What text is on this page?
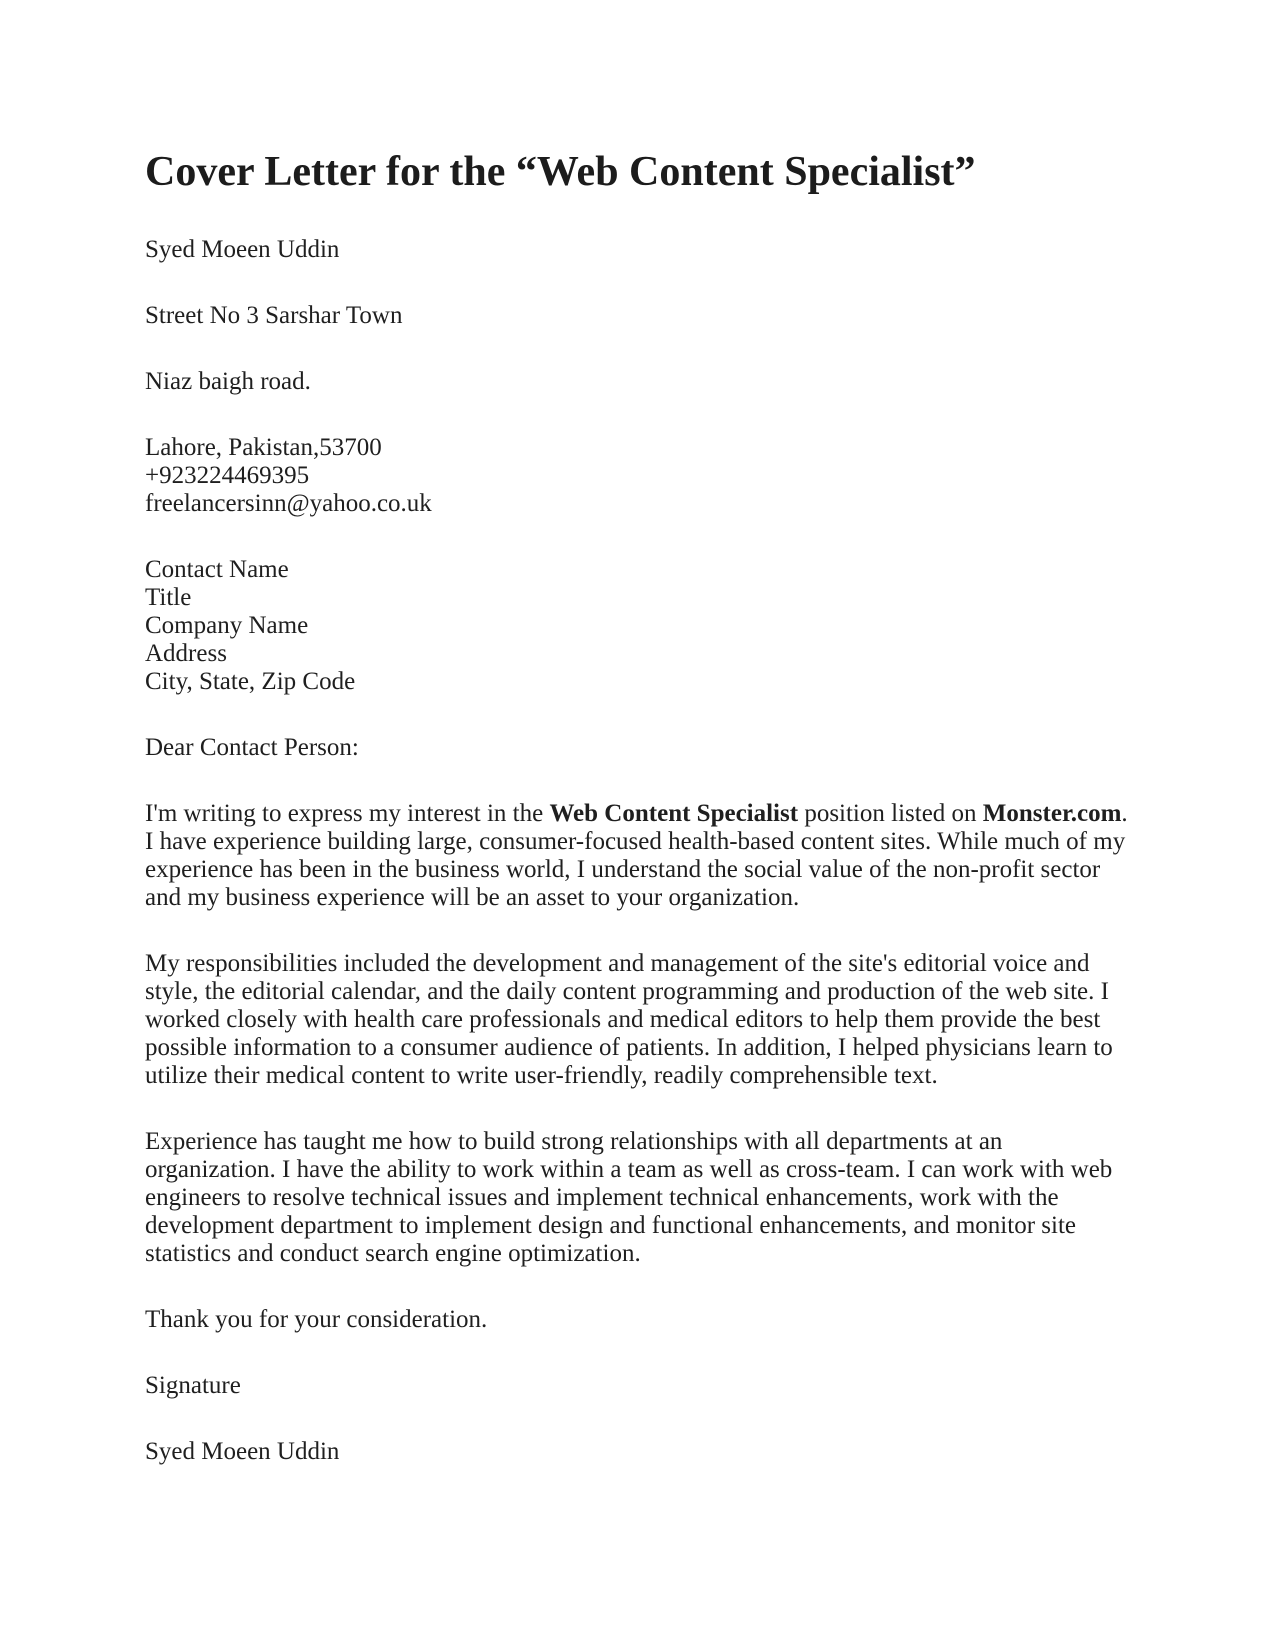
Cover Letter for the “Web Content Specialist”
Syed Moeen Uddin
Street No 3 Sarshar Town
Niaz baigh road.
Lahore, Pakistan,53700
+923224469395
freelancersinn@yahoo.co.uk
Contact Name
Title
Company Name
Address
City, State, Zip Code
Dear Contact Person:

I'm writing to express my interest in the Web Content Specialist position listed on Monster.com. I have experience building large, consumer-focused health-based content sites. While much of my experience has been in the business world, I understand the social value of the non-profit sector and my business experience will be an asset to your organization.

My responsibilities included the development and management of the site's editorial voice and style, the editorial calendar, and the daily content programming and production of the web site. I worked closely with health care professionals and medical editors to help them provide the best possible information to a consumer audience of patients. In addition, I helped physicians learn to utilize their medical content to write user-friendly, readily comprehensible text.

Experience has taught me how to build strong relationships with all departments at an organization. I have the ability to work within a team as well as cross-team. I can work with web engineers to resolve technical issues and implement technical enhancements, work with the development department to implement design and functional enhancements, and monitor site statistics and conduct search engine optimization.

Thank you for your consideration.
Signature
Syed Moeen Uddin
